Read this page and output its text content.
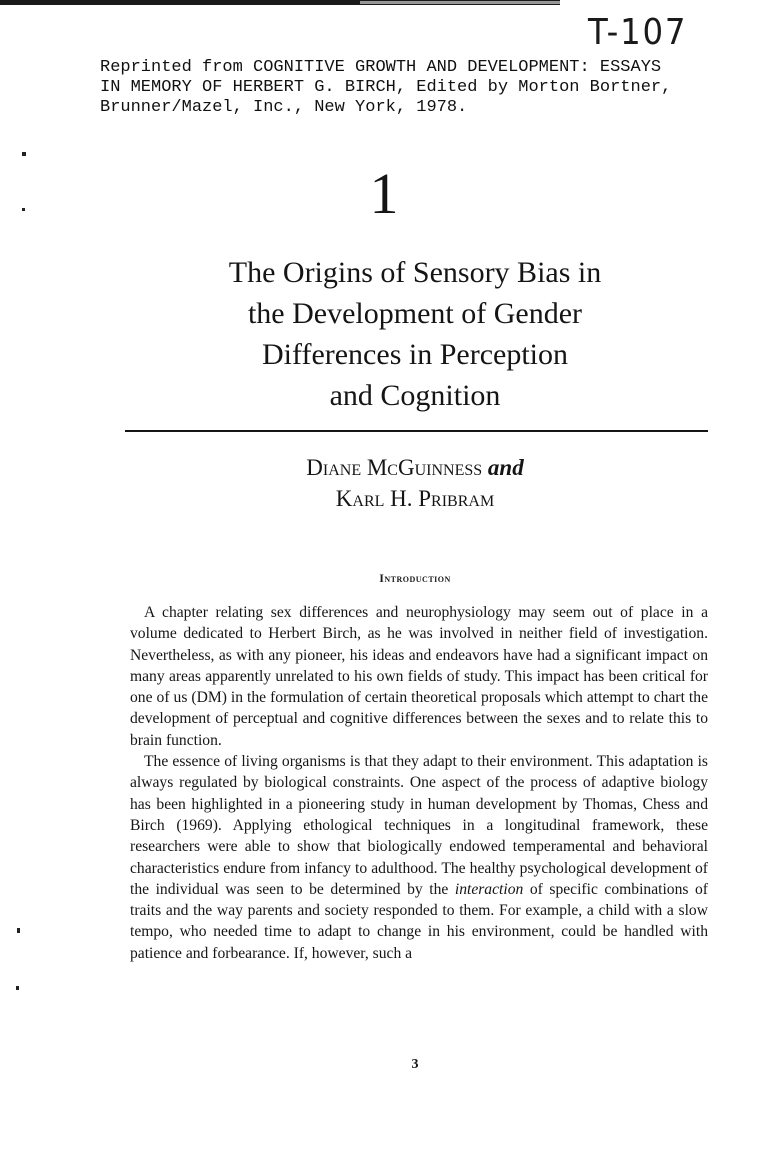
T-107
Reprinted from COGNITIVE GROWTH AND DEVELOPMENT: ESSAYS
IN MEMORY OF HERBERT G. BIRCH, Edited by Morton Bortner,
Brunner/Mazel, Inc., New York, 1978.
1
The Origins of Sensory Bias in
the Development of Gender
Differences in Perception
and Cognition
Diane McGuinness and
Karl H. Pribram
Introduction

A chapter relating sex differences and neurophysiology may seem out of place in a volume dedicated to Herbert Birch, as he was involved in neither field of investigation. Nevertheless, as with any pioneer, his ideas and endeavors have had a significant impact on many areas apparently unrelated to his own fields of study. This impact has been critical for one of us (DM) in the formulation of certain theoretical proposals which attempt to chart the development of perceptual and cognitive differences between the sexes and to relate this to brain function.

The essence of living organisms is that they adapt to their environment. This adaptation is always regulated by biological constraints. One aspect of the process of adaptive biology has been highlighted in a pioneering study in human development by Thomas, Chess and Birch (1969). Applying ethological techniques in a longitudinal framework, these researchers were able to show that biologically endowed temperamental and behavioral characteristics endure from infancy to adulthood. The healthy psychological development of the individual was seen to be determined by the interaction of specific combinations of traits and the way parents and society responded to them. For example, a child with a slow tempo, who needed time to adapt to change in his environment, could be handled with patience and forbearance. If, however, such a

3
